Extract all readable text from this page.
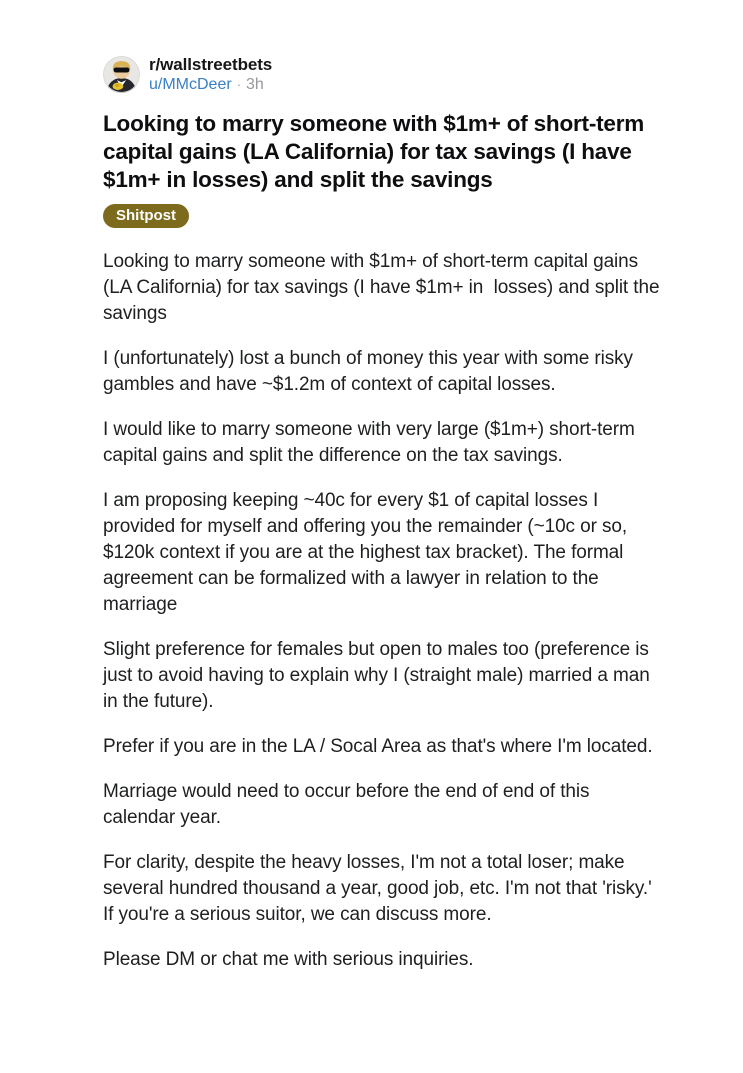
r/wallstreetbets
u/MMcDeer · 3h
Looking to marry someone with $1m+ of short-term capital gains (LA California) for tax savings (I have $1m+ in losses) and split the savings
Shitpost

Looking to marry someone with $1m+ of short-term capital gains (LA California) for tax savings (I have $1m+ in  losses) and split the savings

I (unfortunately) lost a bunch of money this year with some risky gambles and have ~$1.2m of context of capital losses.

I would like to marry someone with very large ($1m+) short-term capital gains and split the difference on the tax savings.

I am proposing keeping ~40c for every $1 of capital losses I provided for myself and offering you the remainder (~10c or so, $120k context if you are at the highest tax bracket). The formal agreement can be formalized with a lawyer in relation to the marriage

Slight preference for females but open to males too (preference is just to avoid having to explain why I (straight male) married a man in the future).

Prefer if you are in the LA / Socal Area as that's where I'm located.

Marriage would need to occur before the end of end of this calendar year.

For clarity, despite the heavy losses, I'm not a total loser; make several hundred thousand a year, good job, etc. I'm not that 'risky.' If you're a serious suitor, we can discuss more.

Please DM or chat me with serious inquiries.
